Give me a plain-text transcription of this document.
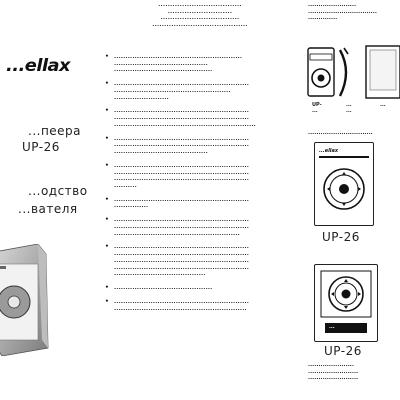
...ellax
...пеера
UP-26
...одство
...вателя
...................................
...........................
.................................
........................................
• ........................................................
.........................................
...........................................
• ...........................................................
...................................................
........................
• ...........................................................
...........................................................
..............................................................
• ...........................................................
...........................................................
.........................................
• ...........................................................
...........................................................
...........................................................
..........
• ...........................................................
...............
• ...........................................................
...........................................................
.......................................................
• ...........................................................
...........................................................
...........................................................
...........................................................
........................................
• ...........................................
• ...........................................................
..........................................................
.......................
.................................
..............
UP-
...
...
...
...
...............................
...ellax
UP-26
...
UP-26
......................
........................
........................
